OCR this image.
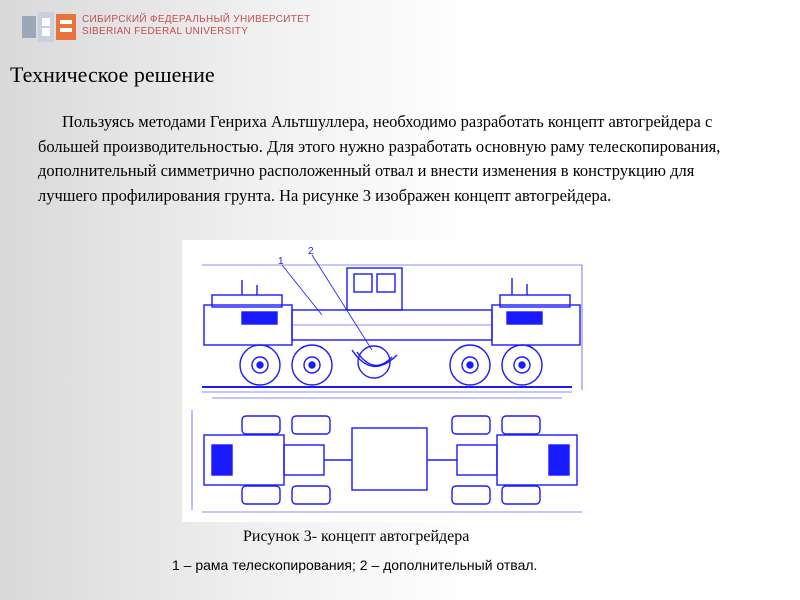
СИБИРСКИЙ ФЕДЕРАЛЬНЫЙ УНИВЕРСИТЕТ
SIBERIAN FEDERAL UNIVERSITY
Техническое решение

Пользуясь методами Генриха Альтшуллера, необходимо разработать концепт автогрейдера с большей производительностью. Для этого нужно разработать основную раму телескопирования, дополнительный симметрично расположенный отвал и внести изменения в конструкцию для лучшего профилирования грунта. На рисунке 3 изображен концепт автогрейдера.

1
2
Рисунок 3- концепт автогрейдера
1 – рама телескопирования; 2 – дополнительный отвал.
